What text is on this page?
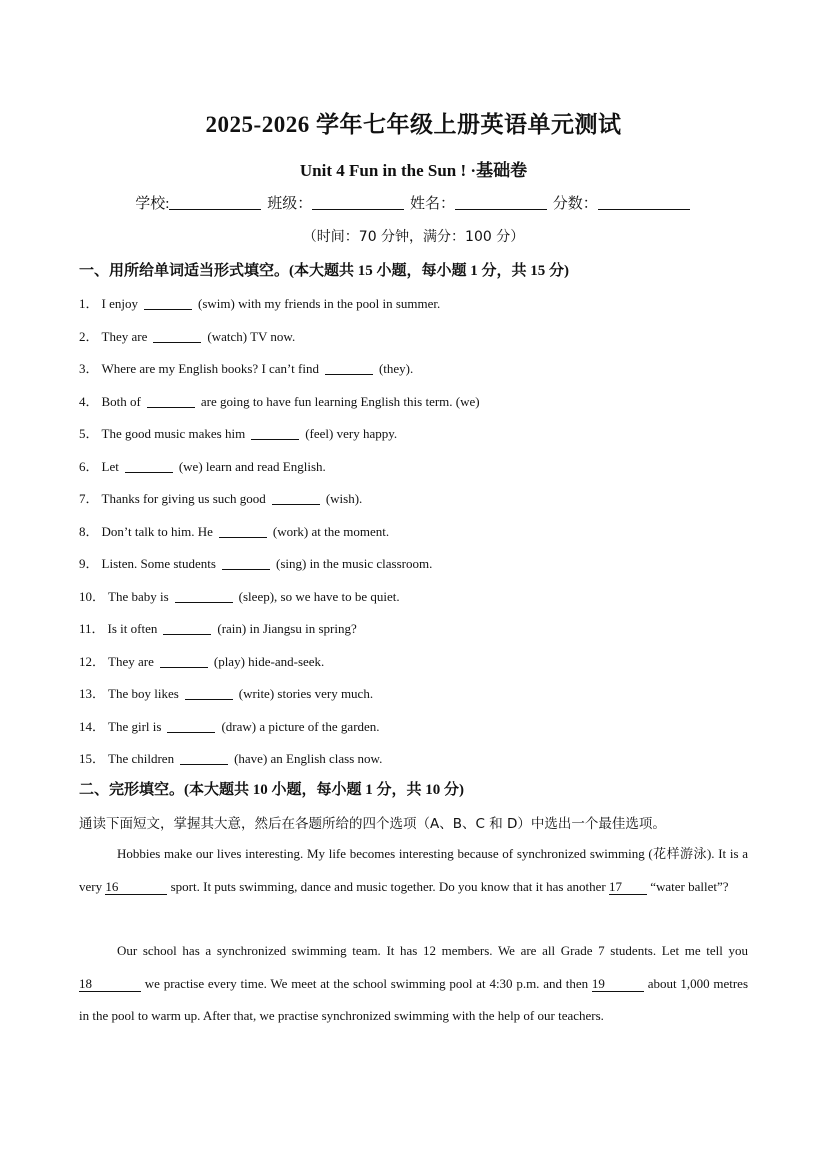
2025-2026 学年七年级上册英语单元测试
Unit 4 Fun in the Sun ! ·基础卷
学校:	班级：	姓名：	分数：
（时间：70 分钟，满分：100 分）
一、用所给单词适当形式填空。(本大题共 15 小题，每小题 1 分，共 15 分)
1． I enjoy	(swim) with my friends in the pool in summer.
2． They are	(watch) TV now.
3． Where are my English books? I can’t find	(they).
4． Both of	are going to have fun learning English this term. (we)
5． The good music makes him	(feel) very happy.
6． Let	(we) learn and read English.
7． Thanks for giving us such good	(wish).
8． Don’t talk to him. He	(work) at the moment.
9． Listen. Some students	(sing) in the music classroom.
10． The baby is	(sleep), so we have to be quiet.
11． Is it often	(rain) in Jiangsu in spring?
12． They are	(play) hide-and-seek.
13． The boy likes	(write) stories very much.
14． The girl is	(draw) a picture of the garden.
15． The children	(have) an English class now.
二、完形填空。(本大题共 10 小题，每小题 1 分，共 10 分)
通读下面短文，掌握其大意，然后在各题所给的四个选项（A、B、C 和 D）中选出一个最佳选项。
Hobbies make our lives interesting. My life becomes interesting because of synchronized swimming (花样游泳). It is a very 16	sport. It puts swimming, dance and music together. Do you know that it has another 17 “water ballet”?
Our school has a synchronized swimming team. It has 12 members. We are all Grade 7 students. Let me tell you 18	we practise every time. We meet at the school swimming pool at 4:30 p.m. and then 19	about 1,000 metres in the pool to warm up. After that, we practise synchronized swimming with the help of our teachers.
